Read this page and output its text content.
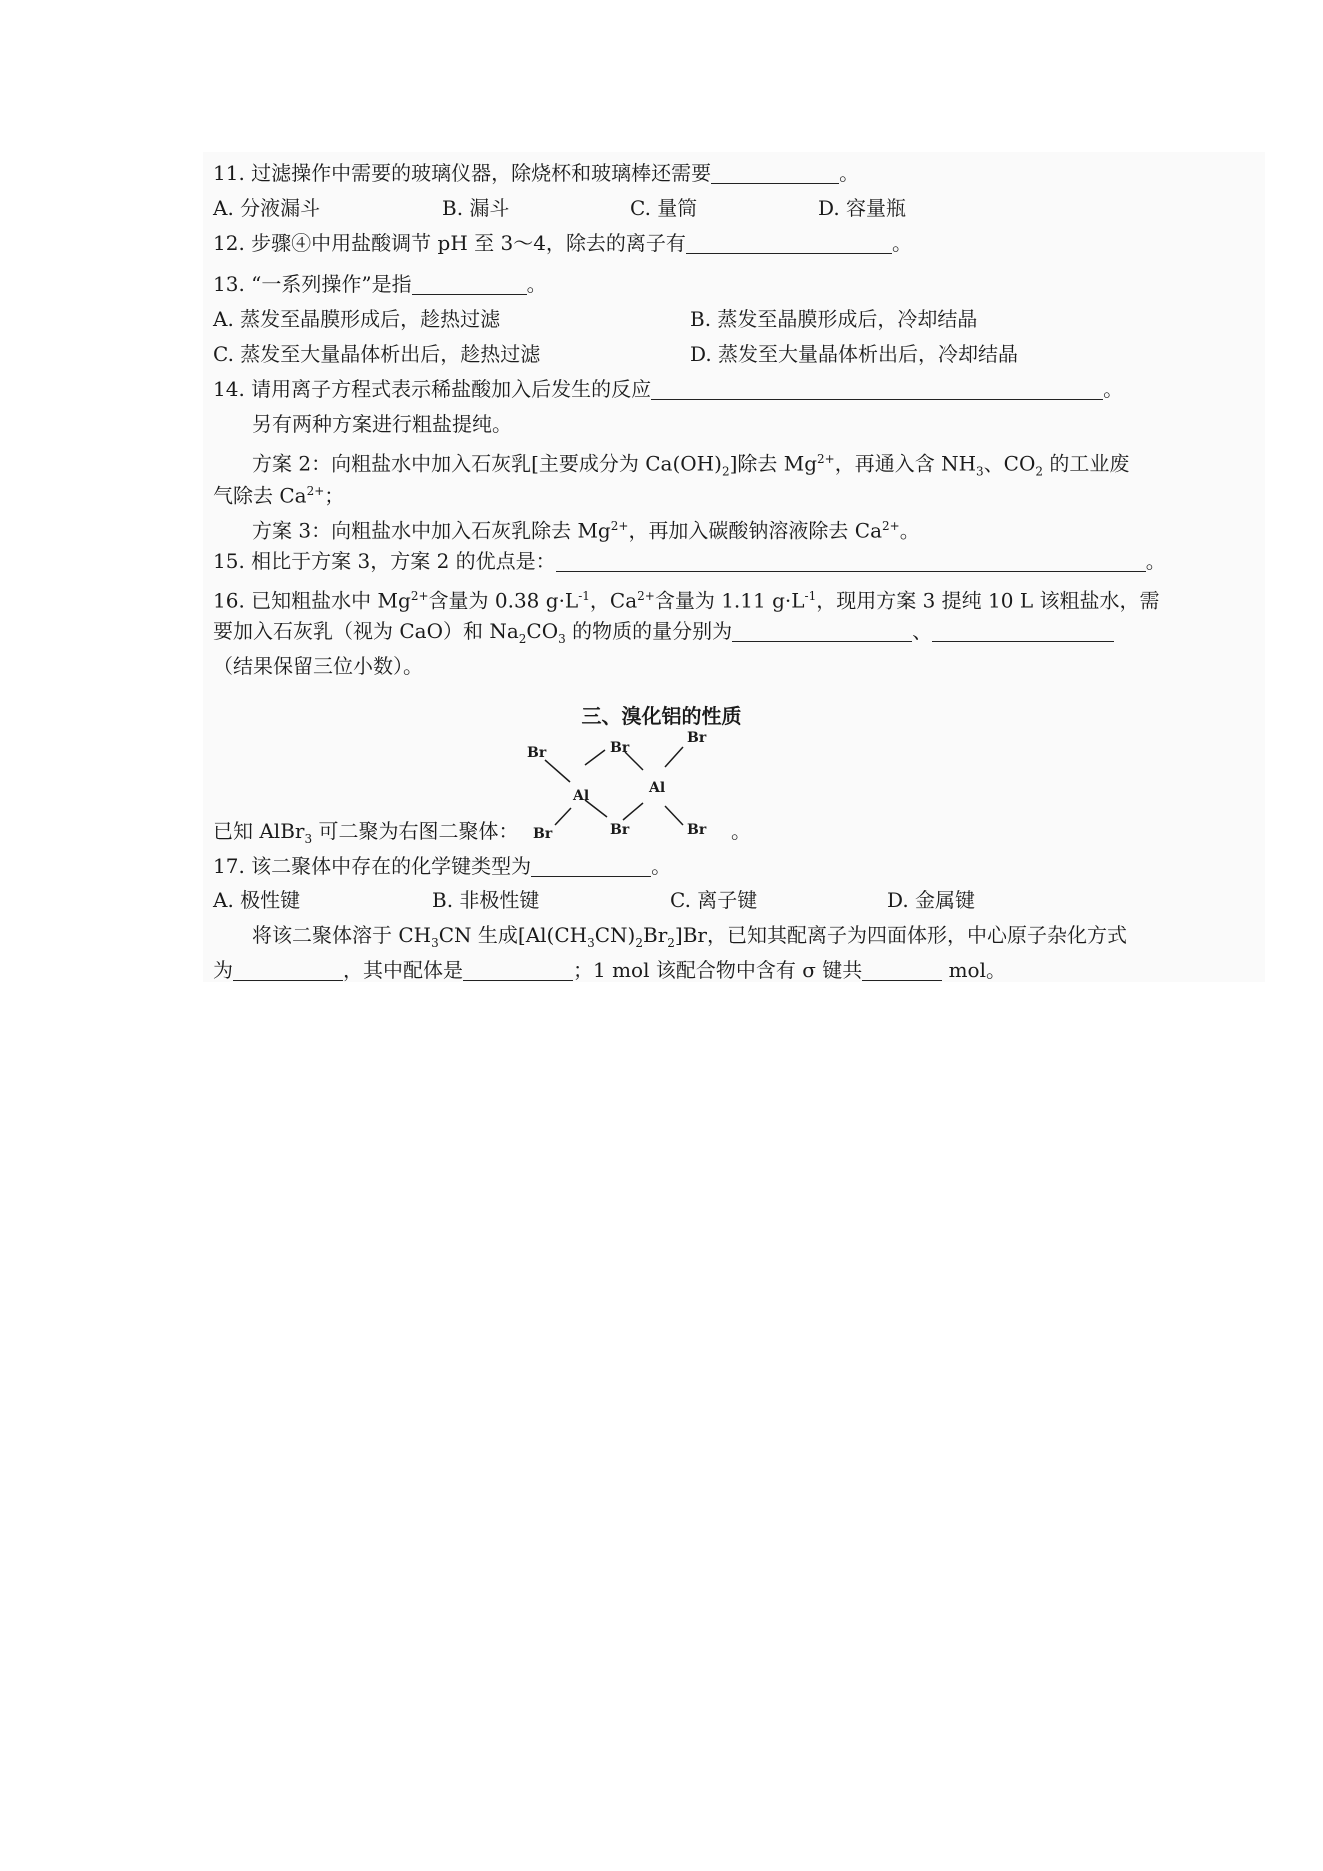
11. 过滤操作中需要的玻璃仪器，除烧杯和玻璃棒还需要	。
A. 分液漏斗	B. 漏斗	C. 量筒	D. 容量瓶
12. 步骤④中用盐酸调节 pH 至 3～4，除去的离子有	。
13. “一系列操作”是指	。
A. 蒸发至晶膜形成后，趁热过滤	B. 蒸发至晶膜形成后，冷却结晶
C. 蒸发至大量晶体析出后，趁热过滤	D. 蒸发至大量晶体析出后，冷却结晶
14. 请用离子方程式表示稀盐酸加入后发生的反应	。
另有两种方案进行粗盐提纯。
方案 2：向粗盐水中加入石灰乳[主要成分为 $Ca(OH)_2$]除去 $Mg^{2+}$，再通入含 $NH_3$、$CO_2$ 的工业废
气除去 $Ca^{2+}$；
方案 3：向粗盐水中加入石灰乳除去 $Mg^{2+}$，再加入碳酸钠溶液除去 $Ca^{2+}$。
15. 相比于方案 3，方案 2 的优点是：	。
16. 已知粗盐水中 $Mg^{2+}$含量为 0.38 $g\cdot L^{-1}$，$Ca^{2+}$含量为 1.11 $g\cdot L^{-1}$，现用方案 3 提纯 10 L 该粗盐水，需
要加入石灰乳（视为 CaO）和 $Na_2CO_3$ 的物质的量分别为	、
（结果保留三位小数）。
三、溴化铝的性质
Br	Br
Br
Al	Al
Br	Br	Br
已知 AlBr$_3$ 可二聚为右图二聚体：	。
17. 该二聚体中存在的化学键类型为	。
A. 极性键	B. 非极性键	C. 离子键	D. 金属键
将该二聚体溶于 $CH_3CN$ 生成$[Al(CH_3CN)_2Br_2]Br$，已知其配离子为四面体形，中心原子杂化方式
为	，其中配体是	；1 mol 该配合物中含有 σ 键共	mol。
